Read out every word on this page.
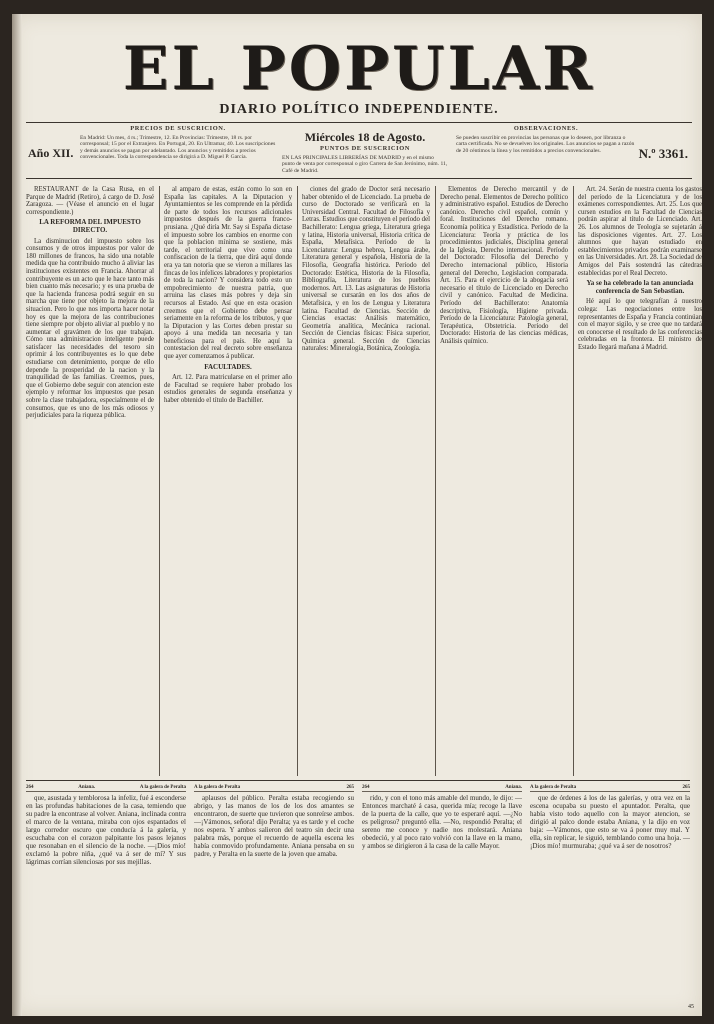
EL POPULAR
DIARIO POLÍTICO INDEPENDIENTE.
Año XII.
PRECIOS DE SUSCRICION.
En Madrid: Un mes, 4 rs.; Trimestre, 12. En Provincias: Trimestre, 18 rs. por corresponsal; 15 por el Extranjero. En Portugal, 20. En Ultramar, 40. Los suscripciones y demás anuncios se pagan por adelantado. Los anuncios y remitidos a precios convencionales. Toda la correspondencia se dirigirá a D. Miguel P. García.
Miércoles 18 de Agosto.
PUNTOS DE SUSCRICION
EN LAS PRINCIPALES LIBRERÍAS DE MADRID y en el mismo punto de venta por corresponsal o giro Carrera de San Jerónimo, núm. 11, Café de Madrid.
OBSERVACIONES.
Se pueden suscribir en provincias las personas que lo deseen, por libranza o carta certificada. No se devuelven los originales. Los anuncios se pagan a razón de 20 céntimos la línea y los remitidos a precios convencionales.	N.º 3361.

RESTAURANT de la Casa Rusa, en el Parque de Madrid (Retiro), á cargo de D. José Zaragoza. — (Véase el anuncio en el lugar correspondiente.)

LA REFORMA DEL IMPUESTO DIRECTO.

La disminucion del impuesto sobre los consumos y de otros impuestos por valor de 180 millones de francos, ha sido una notable medida que ha contribuido mucho á aliviar las instituciones existentes en Francia. Ahorrar al contribuyente es un acto que le hace tanto más bien cuanto más necesario; y es una prueba de que la hacienda francesa podrá seguir en su marcha que tiene por objeto la mejora de la situacion. Pero lo que nos importa hacer notar hoy es que la mejora de las contribuciones tiene siempre por objeto aliviar al pueblo y no aumentar el gravámen de los que trabajan. Cómo una administracion inteligente puede satisfacer las necesidades del tesoro sin oprimir á los contribuyentes es lo que debe estudiarse con detenimiento, porque de ello depende la prosperidad de la nacion y la tranquilidad de las familias. Creemos, pues, que el Gobierno debe seguir con atencion este ejemplo y reformar los impuestos que pesan sobre la clase trabajadora, especialmente el de consumos, que es uno de los más odiosos y perjudiciales para la riqueza pública.

al amparo de estas, están como lo son en España las capitales. A la Diputacion y Ayuntamientos se les comprende en la pérdida de parte de todos los recursos adicionales impuestos después de la guerra franco-prusiana. ¿Qué diría Mr. Say si España dictase el impuesto sobre los cambios en enorme con que la poblacion mínima se sostiene, más tarde, el territorial que vive como una confiscacion de la tierra, que dirá aquí donde era ya tan notoria que se vieron a millares las fincas de los infelices labradores y propietarios de toda la nacion? Y considera todo esto un empobrecimiento de nuestra patria, que arruina las clases más pobres y deja sin recursos al Estado. Así que en esta ocasion creemos que el Gobierno debe pensar seriamente en la reforma de los tributos, y que la Diputacion y las Cortes deben prestar su apoyo á una medida tan necesaria y tan beneficiosa para el país. He aquí la contestacion del real decreto sobre enseñanza que ayer comenzamos á publicar.

FACULTADES.

Art. 12. Para matricularse en el primer año de Facultad se requiere haber probado los estudios generales de segunda enseñanza y haber obtenido el título de Bachiller.

ciones del grado de Doctor será necesario haber obtenido el de Licenciado. La prueba de curso de Doctorado se verificará en la Universidad Central. Facultad de Filosofía y Letras. Estudios que constituyen el período del Bachillerato: Lengua griega, Literatura griega y latina, Historia universal, Historia crítica de España, Metafísica. Período de la Licenciatura: Lengua hebrea, Lengua árabe, Literatura general y española, Historia de la Filosofía, Geografía histórica. Período del Doctorado: Estética, Historia de la Filosofía, Bibliografía, Literatura de los pueblos modernos. Art. 13. Las asignaturas de Historia universal se cursarán en los dos años de Metafísica, y en los de Lengua y Literatura latina. Facultad de Ciencias. Sección de Ciencias exactas: Análisis matemático, Geometría analítica, Mecánica racional. Sección de Ciencias físicas: Física superior, Química general. Sección de Ciencias naturales: Mineralogía, Botánica, Zoología.

Elementos de Derecho mercantil y de Derecho penal. Elementos de Derecho político y administrativo español. Estudios de Derecho canónico. Derecho civil español, común y foral. Instituciones del Derecho romano. Economía política y Estadística. Período de la Licenciatura: Teoría y práctica de los procedimientos judiciales, Disciplina general de la Iglesia, Derecho internacional. Período del Doctorado: Filosofía del Derecho y Derecho internacional público, Historia general del Derecho, Legislacion comparada. Art. 15. Para el ejercicio de la abogacía será necesario el título de Licenciado en Derecho civil y canónico. Facultad de Medicina. Período del Bachillerato: Anatomía descriptiva, Fisiología, Higiene privada. Período de la Licenciatura: Patología general, Terapéutica, Obstetricia. Período del Doctorado: Historia de las ciencias médicas, Análisis químico.

Art. 24. Serán de nuestra cuenta los gastos del período de la Licenciatura y de los exámenes correspondientes. Art. 25. Los que cursen estudios en la Facultad de Ciencias podrán aspirar al título de Licenciado. Art. 26. Los alumnos de Teología se sujetarán á las disposiciones vigentes. Art. 27. Los alumnos que hayan estudiado en establecimientos privados podrán examinarse en las Universidades. Art. 28. La Sociedad de Amigos del País sostendrá las cátedras establecidas por el Real Decreto.

Ya se ha celebrado la tan anunciada conferencia de San Sebastian.

Hé aquí lo que telegrafían á nuestro colega: Las negociaciones entre los representantes de España y Francia continúan con el mayor sigilo, y se cree que no tardará en conocerse el resultado de las conferencias celebradas en la frontera. El ministro de Estado llegará mañana á Madrid.

264	Aniana.	A la galera de Peralta

que, asustada y temblorosa la infeliz, fué á esconderse en las profundas habitaciones de la casa, temiendo que su padre la encontrase al volver. Aniana, inclinada contra el marco de la ventana, miraba con ojos espantados el largo corredor oscuro que conducía á la galería, y escuchaba con el corazon palpitante los pasos lejanos que resonaban en el silencio de la noche. —¡Dios mío! exclamó la pobre niña, ¿qué va á ser de mí? Y sus lágrimas corrían silenciosas por sus mejillas.

A la galera de Peralta	265

aplausos del público. Peralta estaba recogiendo su abrigo, y las manos de los de los dos amantes se encontraron, de suerte que tuvieron que sonreírse ambos. —¡Vámonos, señora! dijo Peralta; ya es tarde y el coche nos espera. Y ambos salieron del teatro sin decir una palabra más, porque el recuerdo de aquella escena les había conmovido profundamente. Aniana pensaba en su padre, y Peralta en la suerte de la joven que amaba.

264	Aniana.

rido, y con el tono más amable del mundo, le dijo: —Entonces marchaté á casa, querida mía; recoge la llave de la puerta de la calle, que yo te esperaré aquí. —¿No es peligroso? preguntó ella. —No, respondió Peralta; el sereno me conoce y nadie nos molestará. Aniana obedeció, y al poco rato volvió con la llave en la mano, y ambos se dirigieron á la casa de la calle Mayor.

A la galera de Peralta	265

que de órdenes á los de las galerías, y otra vez en la escena ocupaba su puesto el apuntador. Peralta, que había visto todo aquello con la mayor atencion, se dirigió al palco donde estaba Aniana, y la dijo en voz baja: —Vámonos, que esto se va á poner muy mal. Y ella, sin replicar, le siguió, temblando como una hoja. —¡Dios mío! murmuraba; ¿qué va á ser de nosotros?

45
